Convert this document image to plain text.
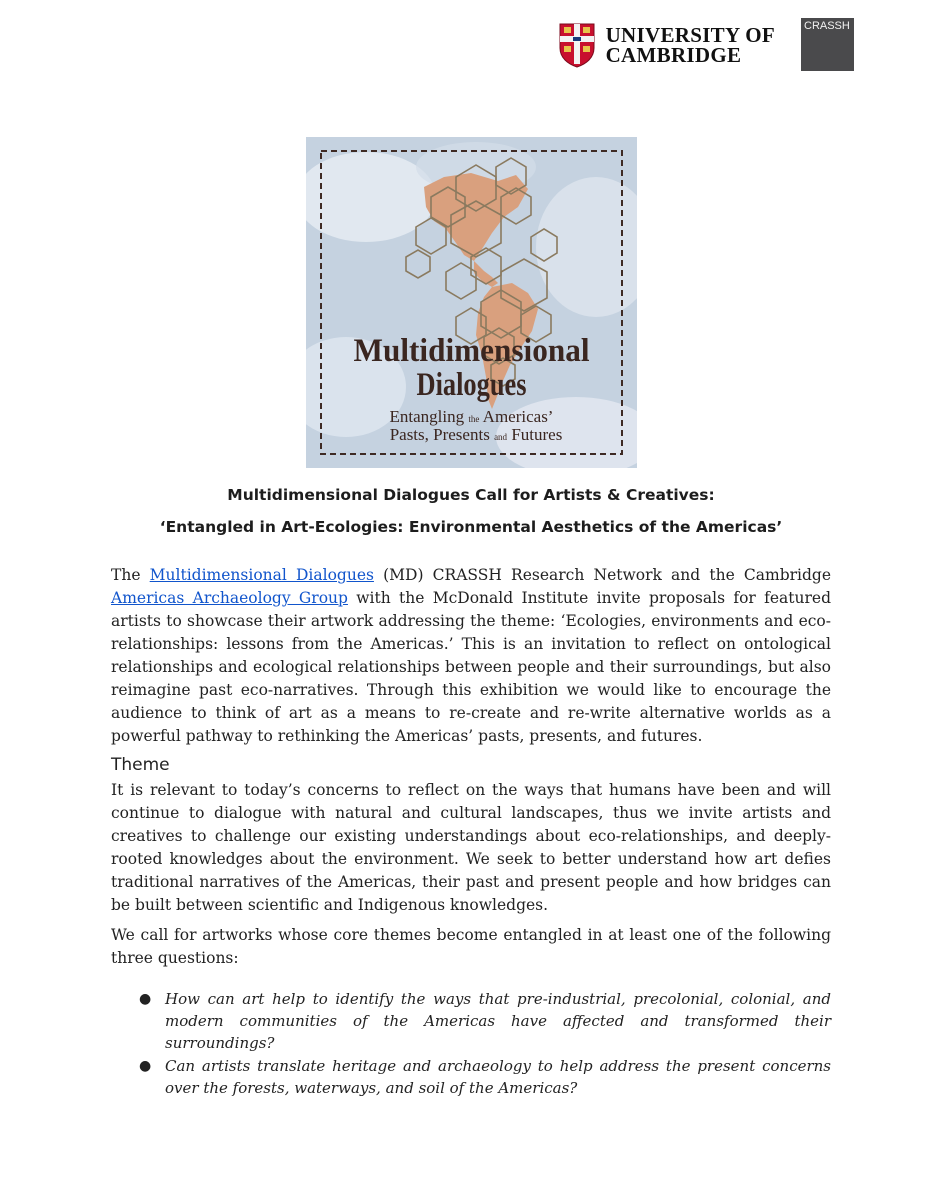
UNIVERSITY OF
CAMBRIDGE
CRASSH
Multidimensional
Dialogues
Entangling the Americas’
Pasts, Presents and Futures
Multidimensional Dialogues Call for Artists & Creatives:
‘Entangled in Art-Ecologies: Environmental Aesthetics of the Americas’
The Multidimensional Dialogues (MD) CRASSH Research Network and the Cambridge Americas Archaeology Group with the McDonald Institute invite proposals for featured artists to showcase their artwork addressing the theme: ‘Ecologies, environments and eco-relationships: lessons from the Americas.’ This is an invitation to reflect on ontological relationships and ecological relationships between people and their surroundings, but also reimagine past eco-narratives. Through this exhibition we would like to encourage the audience to think of art as a means to re-create and re-write alternative worlds as a powerful pathway to rethinking the Americas’ pasts, presents, and futures.
Theme
It is relevant to today’s concerns to reflect on the ways that humans have been and will continue to dialogue with natural and cultural landscapes, thus we invite artists and creatives to challenge our existing understandings about eco-relationships, and deeply-rooted knowledges about the environment. We seek to better understand how art defies traditional narratives of the Americas, their past and present people and how bridges can be built between scientific and Indigenous knowledges.
We call for artworks whose core themes become entangled in at least one of the following three questions:
● How can art help to identify the ways that pre-industrial, precolonial, colonial, and modern communities of the Americas have affected and transformed their surroundings?
● Can artists translate heritage and archaeology to help address the present concerns over the forests, waterways, and soil of the Americas?
